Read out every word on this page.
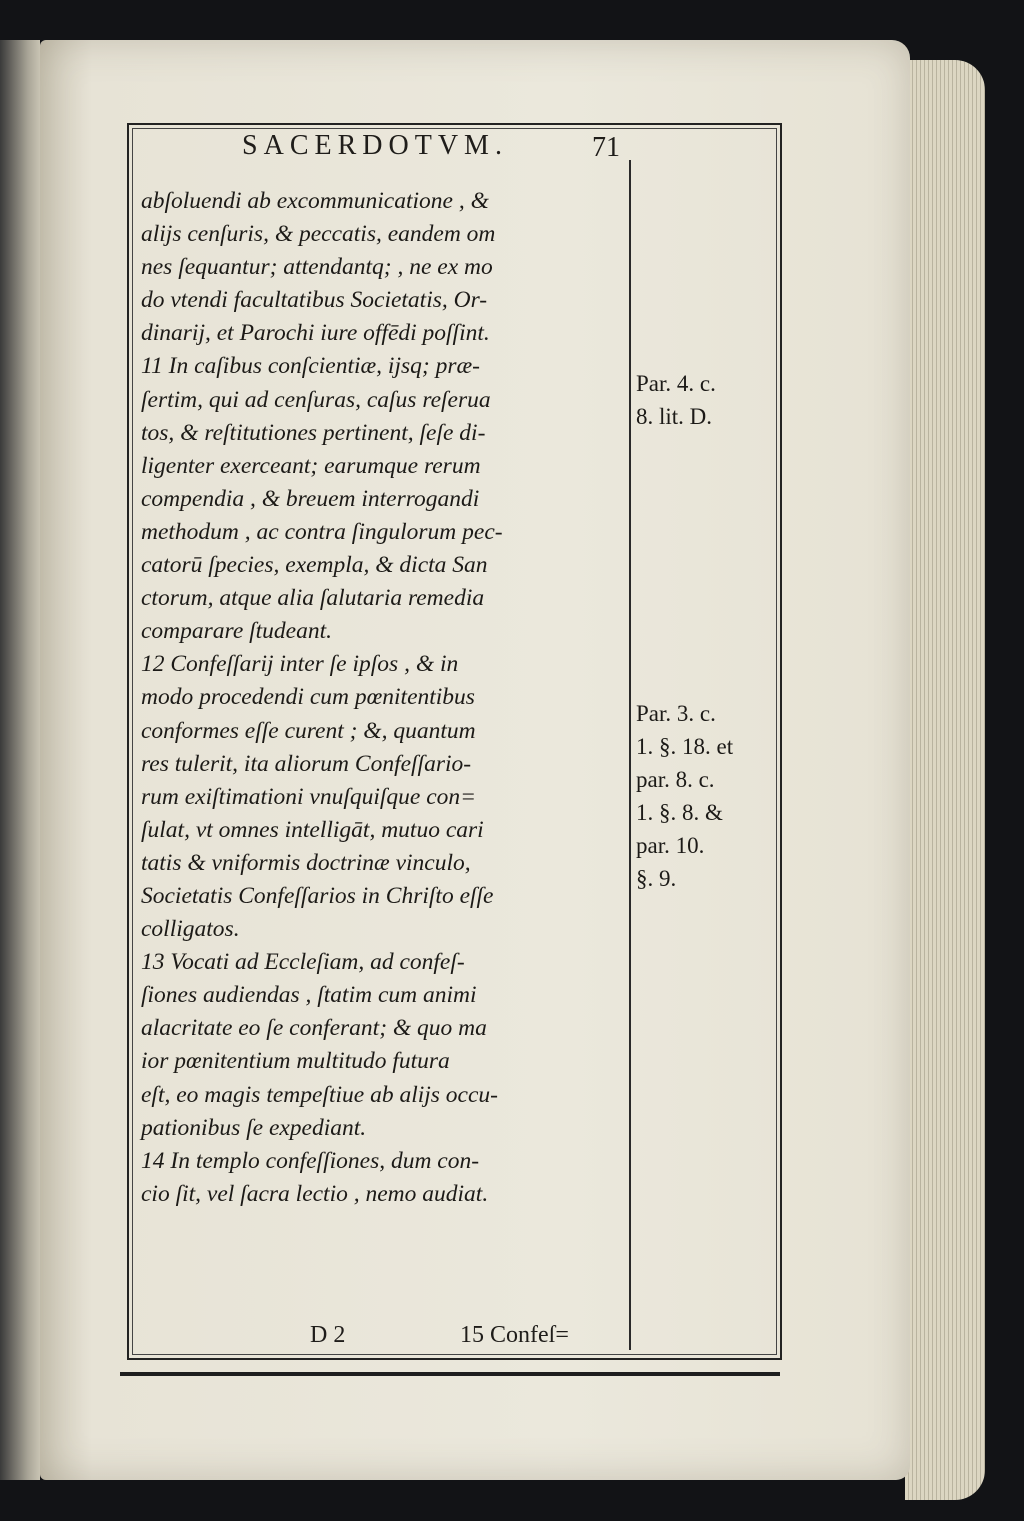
SACERDOTVM.	71
abſoluendi ab excommunicatione , &
alijs cenſuris, & peccatis, eandem om
nes ſequantur; attendantq; , ne ex mo
do vtendi facultatibus Societatis, Or-
dinarij, et Parochi iure offēdi poſſint.
11 In caſibus conſcientiæ, ijsq; præ-
ſertim, qui ad cenſuras, caſus reſerua
tos, & reſtitutiones pertinent, ſeſe di-
ligenter exerceant; earumque rerum
compendia , & breuem interrogandi
methodum , ac contra ſingulorum pec-
catorū ſpecies, exempla, & dicta San
ctorum, atque alia ſalutaria remedia
comparare ſtudeant.
12 Confeſſarij inter ſe ipſos , & in
modo procedendi cum pœnitentibus
conformes eſſe curent ; &, quantum
res tulerit, ita aliorum Confeſſario-
rum exiſtimationi vnuſquiſque con=
ſulat, vt omnes intelligāt, mutuo cari
tatis & vniformis doctrinæ vinculo,
Societatis Confeſſarios in Chriſto eſſe
colligatos.
13 Vocati ad Eccleſiam, ad confeſ-
ſiones audiendas , ſtatim cum animi
alacritate eo ſe conferant; & quo ma
ior pœnitentium multitudo futura
eſt, eo magis tempeſtiue ab alijs occu-
pationibus ſe expediant.
14 In templo confeſſiones, dum con-
cio ſit, vel ſacra lectio , nemo audiat.
Par. 4. c.
8. lit. D.
Par. 3. c.
1. §. 18. et
par. 8. c.
1. §. 8. &
par. 10.
§. 9.
D 2	15 Confeſ=
